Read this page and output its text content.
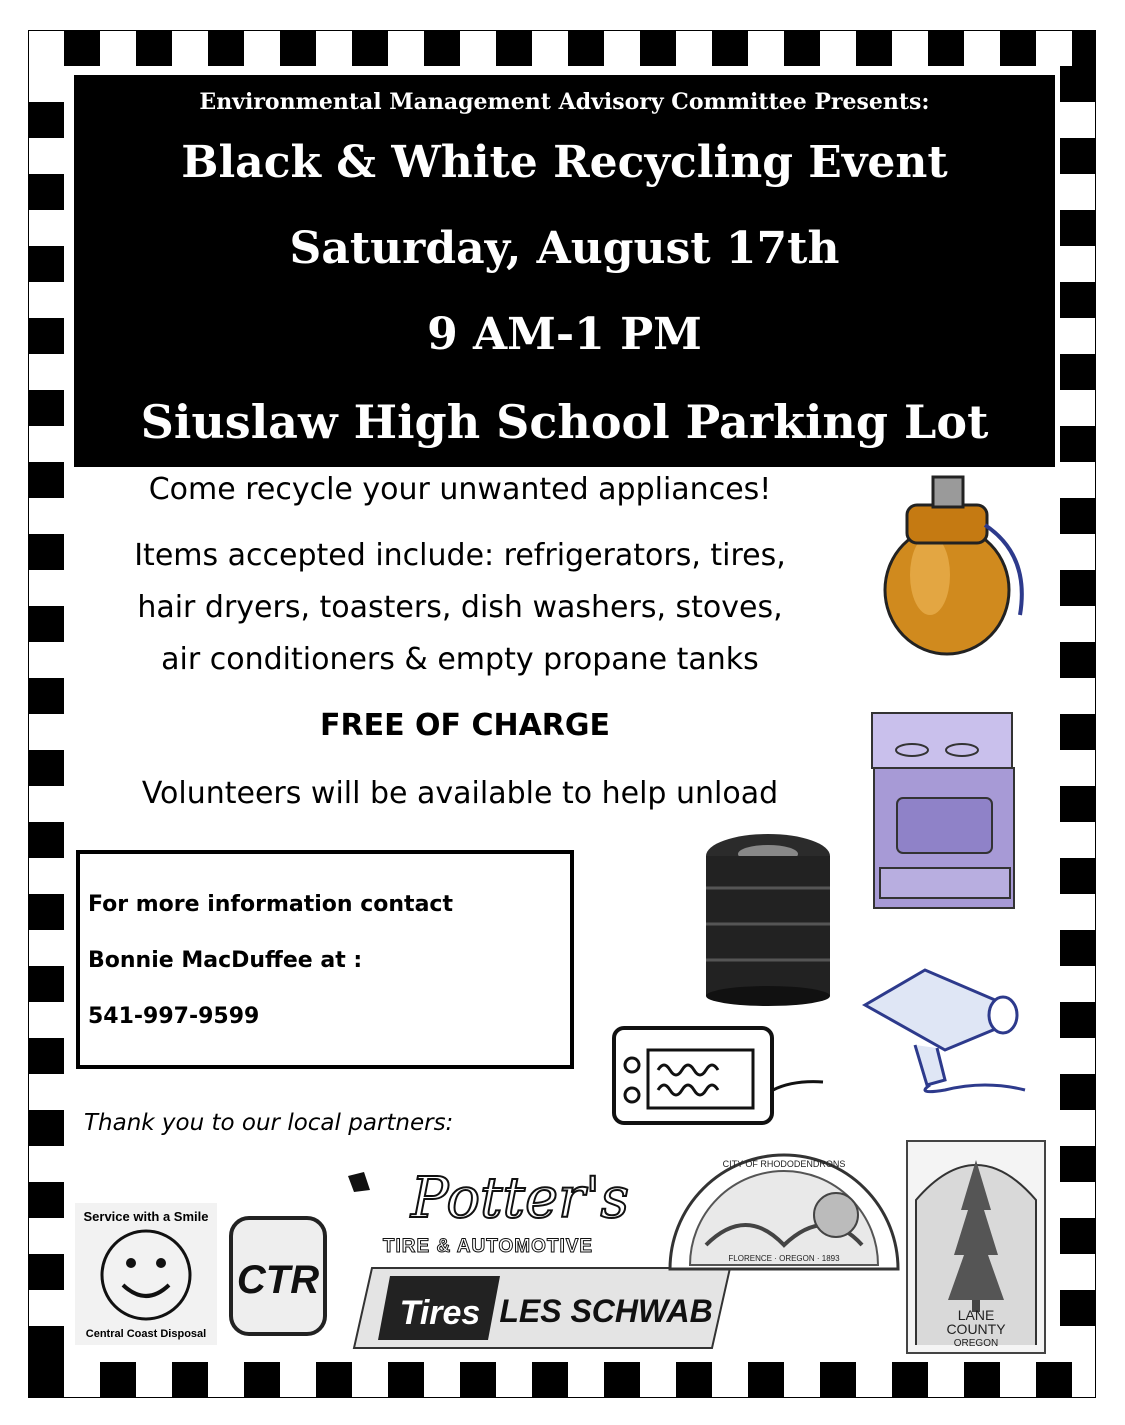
Environmental Management Advisory Committee Presents:
Black & White Recycling Event
Saturday, August 17th
9 AM-1 PM
Siuslaw High School Parking Lot
Come recycle your unwanted appliances!
Items accepted include: refrigerators, tires,
hair dryers, toasters, dish washers, stoves,
air conditioners & empty propane tanks
FREE OF CHARGE
Volunteers will be available to help unload
For more information contact
Bonnie MacDuffee at :
541-997-9599
Thank you to our local partners:
Service with a Smile
Central Coast Disposal
CTR
Potter's
TIRE & AUTOMOTIVE
Tires LES SCHWAB
CITY OF RHODODENDRONS
FLORENCE · OREGON · 1893
LANE
COUNTY
OREGON
